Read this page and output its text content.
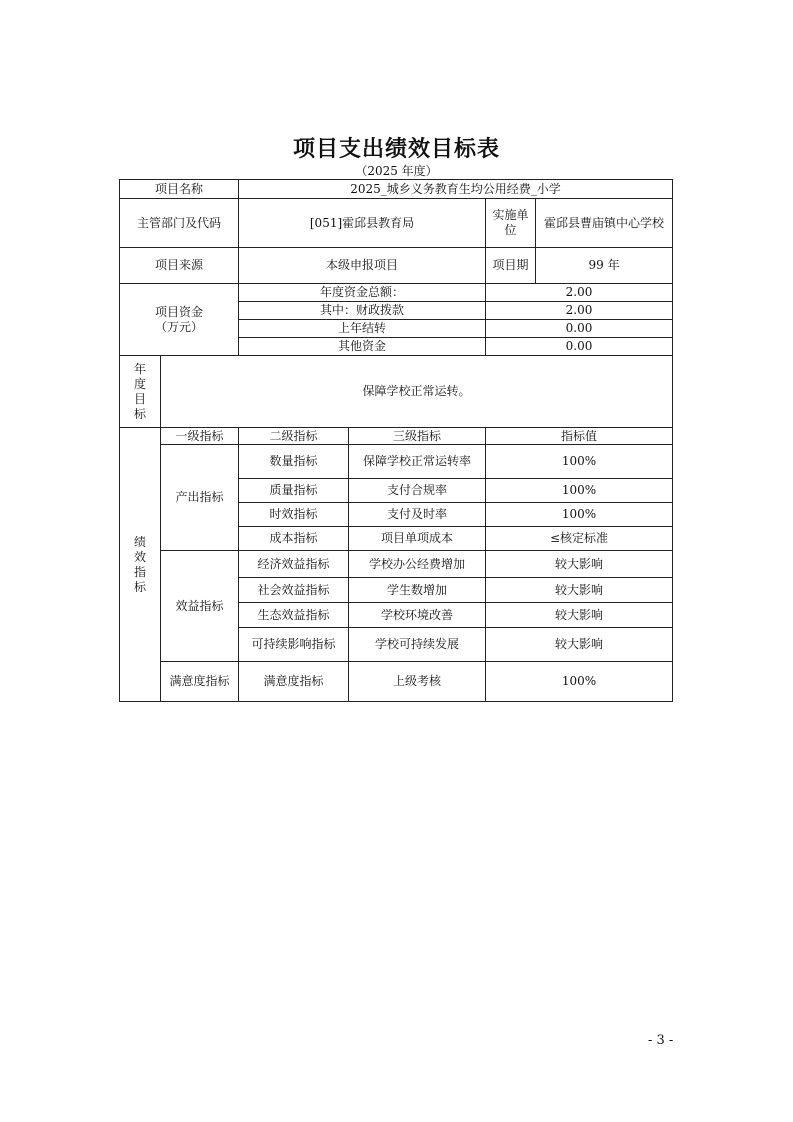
项目支出绩效目标表
（2025 年度）
项目名称		2025_城乡义务教育生均公用经费_小学			
主管部门及代码		[051]霍邱县教育局		实施单位	霍邱县曹庙镇中心学校
项目来源		本级申报项目		项目期	99 年
项目资金
（万元）		年度资金总额：		2.00	
		其中：财政拨款		2.00	
		上年结转		0.00	
		其他资金		0.00	
年度目标	保障学校正常运转。				
绩效指标	一级指标	二级指标	三级指标	指标值	
	产出指标	数量指标	保障学校正常运转率	100%	
		质量指标	支付合规率	100%	
		时效指标	支付及时率	100%	
		成本指标	项目单项成本	≤核定标准	
	效益指标	经济效益指标	学校办公经费增加	较大影响	
		社会效益指标	学生数增加	较大影响	
		生态效益指标	学校环境改善	较大影响	
		可持续影响指标	学校可持续发展	较大影响	
	满意度指标	满意度指标	上级考核	100%	
- 3 -
